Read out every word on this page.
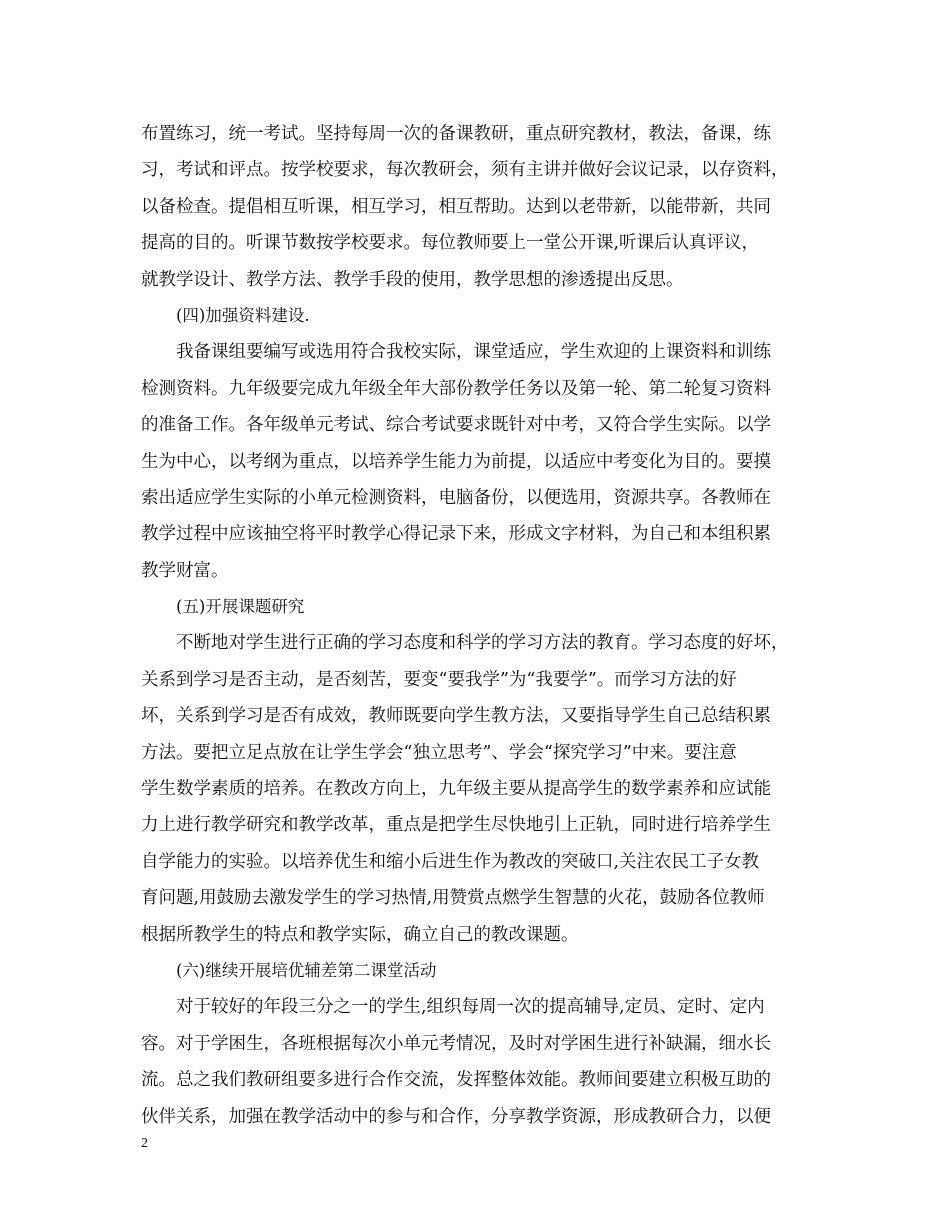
布置练习，统一考试。坚持每周一次的备课教研，重点研究教材，教法，备课，练
习，考试和评点。按学校要求，每次教研会，须有主讲并做好会议记录，以存资料，
以备检查。提倡相互听课，相互学习，相互帮助。达到以老带新，以能带新，共同
提高的目的。听课节数按学校要求。每位教师要上一堂公开课,听课后认真评议，
就教学设计、教学方法、教学手段的使用，教学思想的渗透提出反思。
(四)加强资料建设.
我备课组要编写或选用符合我校实际，课堂适应，学生欢迎的上课资料和训练
检测资料。九年级要完成九年级全年大部份教学任务以及第一轮、第二轮复习资料
的准备工作。各年级单元考试、综合考试要求既针对中考，又符合学生实际。以学
生为中心，以考纲为重点，以培养学生能力为前提，以适应中考变化为目的。要摸
索出适应学生实际的小单元检测资料，电脑备份，以便选用，资源共享。各教师在
教学过程中应该抽空将平时教学心得记录下来，形成文字材料，为自己和本组积累
教学财富。
(五)开展课题研究
不断地对学生进行正确的学习态度和科学的学习方法的教育。学习态度的好坏，
关系到学习是否主动，是否刻苦，要变“要我学”为“我要学”。而学习方法的好
坏，关系到学习是否有成效，教师既要向学生教方法，又要指导学生自己总结积累
方法。要把立足点放在让学生学会“独立思考”、学会“探究学习”中来。要注意
学生数学素质的培养。在教改方向上，九年级主要从提高学生的数学素养和应试能
力上进行教学研究和教学改革，重点是把学生尽快地引上正轨，同时进行培养学生
自学能力的实验。以培养优生和缩小后进生作为教改的突破口,关注农民工子女教
育问题,用鼓励去激发学生的学习热情,用赞赏点燃学生智慧的火花，鼓励各位教师
根据所教学生的特点和教学实际，确立自己的教改课题。
(六)继续开展培优辅差第二课堂活动
对于较好的年段三分之一的学生,组织每周一次的提高辅导,定员、定时、定内
容。对于学困生，各班根据每次小单元考情况，及时对学困生进行补缺漏，细水长
流。总之我们教研组要多进行合作交流，发挥整体效能。教师间要建立积极互助的
伙伴关系，加强在教学活动中的参与和合作，分享教学资源，形成教研合力，以便
2
